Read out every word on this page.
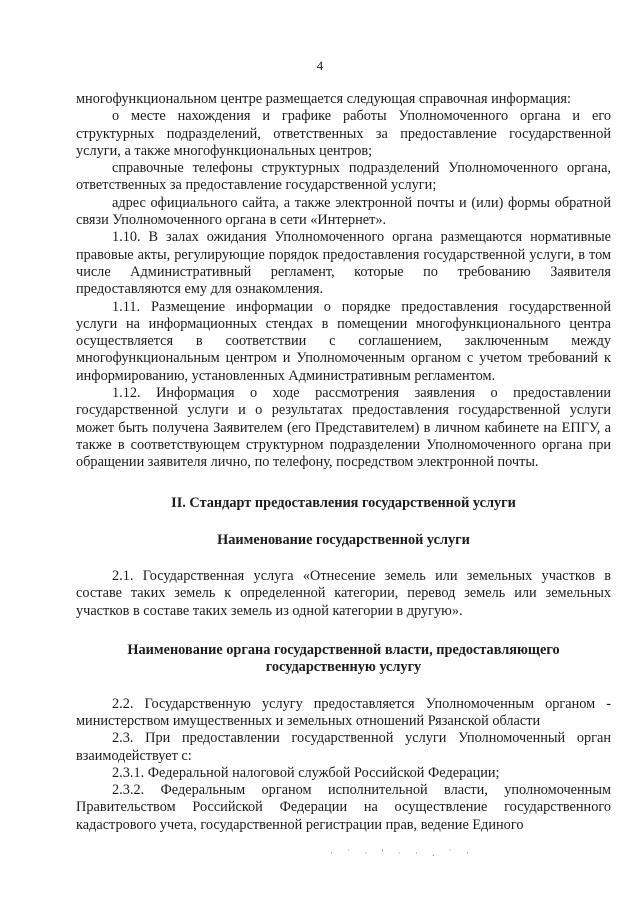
4

многофункциональном центре размещается следующая справочная информация:

о месте нахождения и графике работы Уполномоченного органа и его структурных подразделений, ответственных за предоставление государственной услуги, а также многофункциональных центров;

справочные телефоны структурных подразделений Уполномоченного органа, ответственных за предоставление государственной услуги;

адрес официального сайта, а также электронной почты и (или) формы обратной связи Уполномоченного органа в сети «Интернет».

1.10. В залах ожидания Уполномоченного органа размещаются нормативные правовые акты, регулирующие порядок предоставления государственной услуги, в том числе Административный регламент, которые по требованию Заявителя предоставляются ему для ознакомления.

1.11. Размещение информации о порядке предоставления государственной услуги на информационных стендах в помещении многофункционального центра осуществляется в соответствии с соглашением, заключенным между многофункциональным центром и Уполномоченным органом с учетом требований к информированию, установленных Административным регламентом.

1.12. Информация о ходе рассмотрения заявления о предоставлении государственной услуги и о результатах предоставления государственной услуги может быть получена Заявителем (его Представителем) в личном кабинете на ЕПГУ, а также в соответствующем структурном подразделении Уполномоченного органа при обращении заявителя лично, по телефону, посредством электронной почты.

II. Стандарт предоставления государственной услуги

Наименование государственной услуги

2.1. Государственная услуга «Отнесение земель или земельных участков в составе таких земель к определенной категории, перевод земель или земельных участков в составе таких земель из одной категории в другую».

Наименование органа государственной власти, предоставляющего государственную услугу

2.2. Государственную услугу предоставляется Уполномоченным органом - министерством имущественных и земельных отношений Рязанской области

2.3. При предоставлении государственной услуги Уполномоченный орган взаимодействует с:

2.3.1. Федеральной налоговой службой Российской Федерации;

2.3.2. Федеральным органом исполнительной власти, уполномоченным Правительством Российской Федерации на осуществление государственного кадастрового учета, государственной регистрации прав, ведение Единого

· ˙ · ' · · . ˙ ·
